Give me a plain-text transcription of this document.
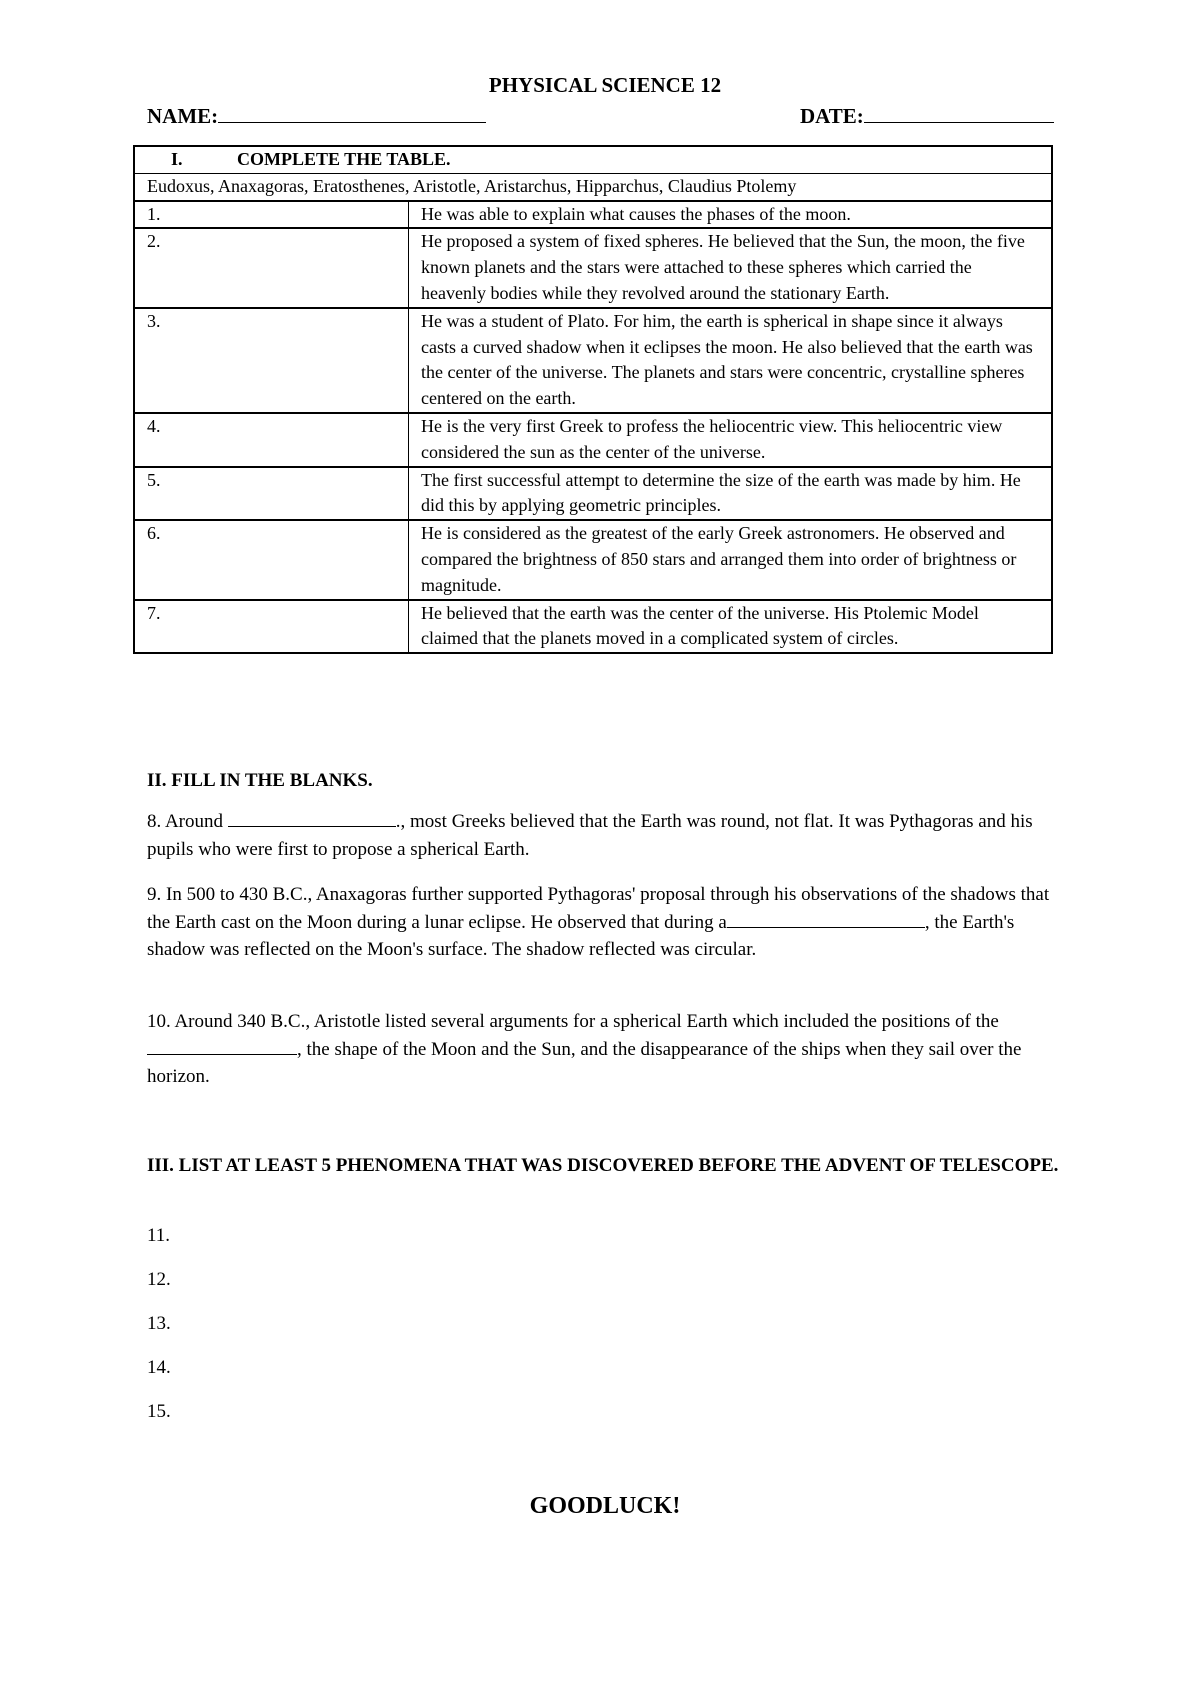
PHYSICAL SCIENCE 12
NAME:	DATE:
I. COMPLETE THE TABLE.	
Eudoxus, Anaxagoras, Eratosthenes, Aristotle, Aristarchus, Hipparchus, Claudius Ptolemy	
1.	He was able to explain what causes the phases of the moon.
2.	He proposed a system of fixed spheres. He believed that the Sun, the moon, the five known planets and the stars were attached to these spheres which carried the heavenly bodies while they revolved around the stationary Earth.
3.	He was a student of Plato. For him, the earth is spherical in shape since it always casts a curved shadow when it eclipses the moon. He also believed that the earth was the center of the universe. The planets and stars were concentric, crystalline spheres centered on the earth.
4.	He is the very first Greek to profess the heliocentric view. This heliocentric view considered the sun as the center of the universe.
5.	The first successful attempt to determine the size of the earth was made by him. He did this by applying geometric principles.
6.	He is considered as the greatest of the early Greek astronomers. He observed and compared the brightness of 850 stars and arranged them into order of brightness or magnitude.
7.	He believed that the earth was the center of the universe. His Ptolemic Model claimed that the planets moved in a complicated system of circles.
II. FILL IN THE BLANKS.
8. Around	., most Greeks believed that the Earth was round, not flat. It was Pythagoras and his pupils who were first to propose a spherical Earth.
9. In 500 to 430 B.C., Anaxagoras further supported Pythagoras' proposal through his observations of the shadows that the Earth cast on the Moon during a lunar eclipse. He observed that during a	, the Earth's shadow was reflected on the Moon's surface. The shadow reflected was circular.
10. Around 340 B.C., Aristotle listed several arguments for a spherical Earth which included the positions of the , the shape of the Moon and the Sun, and the disappearance of the ships when they sail over the horizon.
III. LIST AT LEAST 5 PHENOMENA THAT WAS DISCOVERED BEFORE THE ADVENT OF TELESCOPE.
11.
12.
13.
14.
15.
GOODLUCK!
